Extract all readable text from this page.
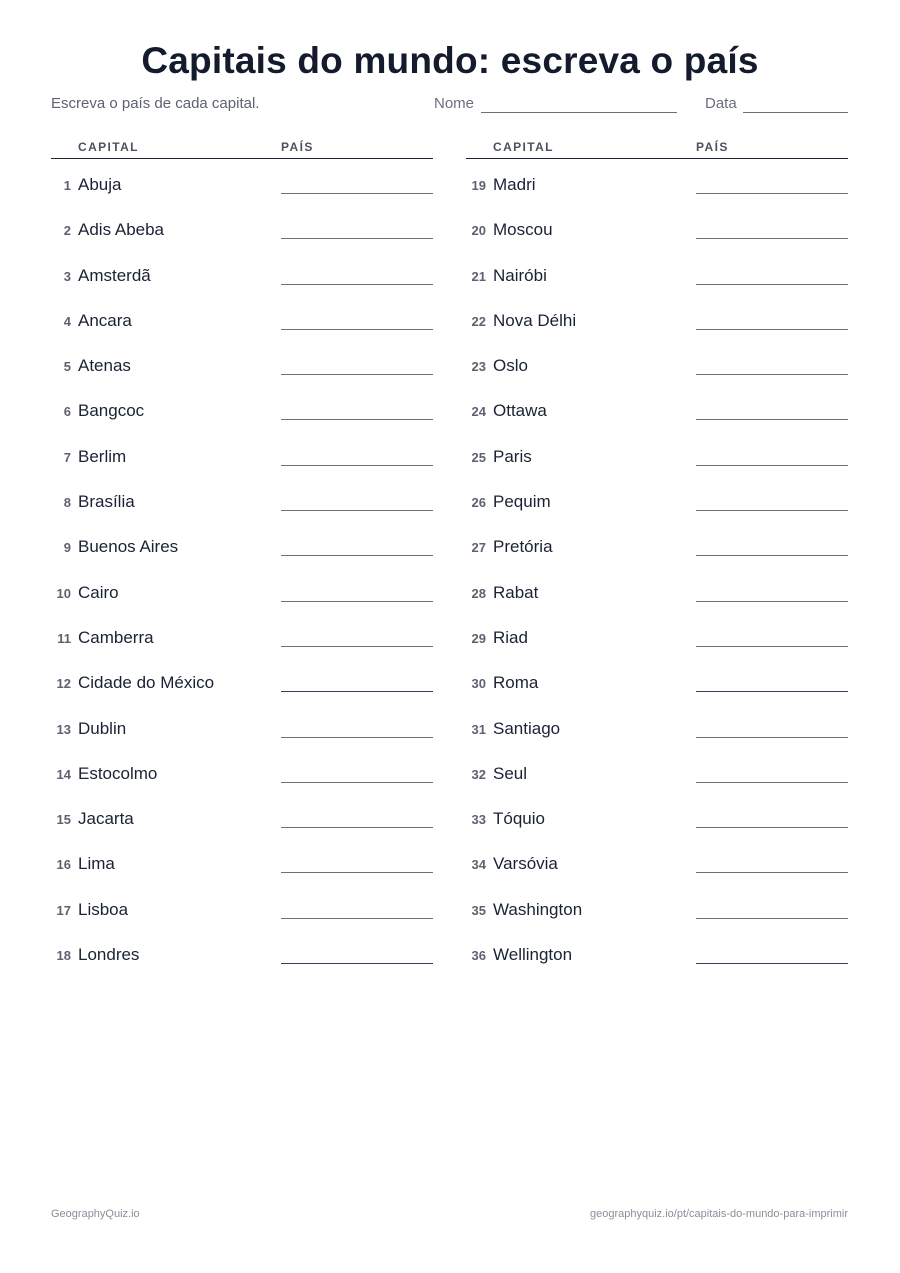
Capitais do mundo: escreva o país
Escreva o país de cada capital.	Nome	Data
CAPITAL	PAÍS
1 Abuja
2 Adis Abeba
3 Amsterdã
4 Ancara
5 Atenas
6 Bangcoc
7 Berlim
8 Brasília
9 Buenos Aires
10 Cairo
11 Camberra
12 Cidade do México
13 Dublin
14 Estocolmo
15 Jacarta
16 Lima
17 Lisboa
18 Londres
CAPITAL	PAÍS
19 Madri
20 Moscou
21 Nairóbi
22 Nova Délhi
23 Oslo
24 Ottawa
25 Paris
26 Pequim
27 Pretória
28 Rabat
29 Riad
30 Roma
31 Santiago
32 Seul
33 Tóquio
34 Varsóvia
35 Washington
36 Wellington
GeographyQuiz.io	geographyquiz.io/pt/capitais-do-mundo-para-imprimir
